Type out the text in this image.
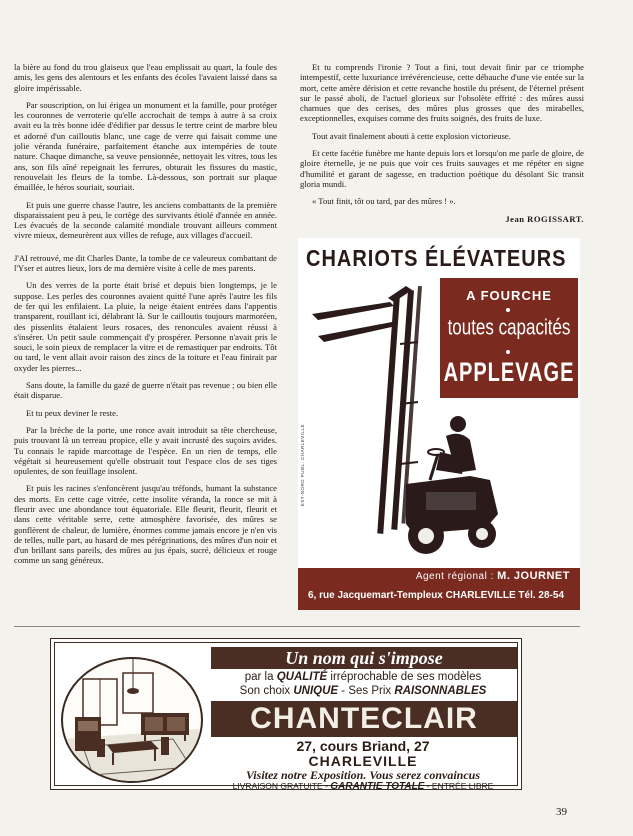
la bière au fond du trou glaiseux que l'eau emplissait au quart, la foule des amis, les gens des alentours et les enfants des écoles l'avaient laissé dans sa gloire impérissable.

Par souscription, on lui érigea un monument et la famille, pour protéger les couronnes de verroterie qu'elle accrochait de temps à autre à sa croix avait eu la très bonne idée d'édifier par dessus le tertre ceint de marbre bleu et adorné d'un cailloutis blanc, une cage de verre qui faisait comme une jolie véranda funéraire, parfaitement étanche aux intempéries de toute nature. Chaque dimanche, sa veuve pensionnée, nettoyait les vitres, tous les ans, son fils aîné repeignait les ferrures, obturait les fissures du mastic, renouvelait les fleurs de la tombe. Là-dessous, son portrait sur plaque émaillée, le héros souriait, souriait.

Et puis une guerre chasse l'autre, les anciens combattants de la première disparaissaient peu à peu, le cortège des survivants étiolé d'année en année. Les évacués de la seconde calamité mondiale trouvant ailleurs comment vivre mieux, demeurèrent aux villes de refuge, aux villages d'accueil.

J'AI retrouvé, me dit Charles Dante, la tombe de ce valeureux combattant de l'Yser et autres lieux, lors de ma dernière visite à celle de mes parents.

Un des verres de la porte était brisé et depuis bien longtemps, je le suppose. Les perles des couronnes avaient quitté l'une après l'autre les fils de fer qui les enfilaient. La pluie, la neige étaient entrées dans l'appentis transparent, rouillant ici, délabrant là. Sur le cailloutis toujours marmoréen, des pissenlits étalaient leurs rosaces, des renoncules avaient réussi à s'insérer. Un petit saule commençait d'y prospérer. Personne n'avait pris le souci, le soin pieux de remplacer la vitre et de remastiquer par endroits. Tôt ou tard, le vent allait avoir raison des zincs de la toiture et l'eau finirait par oxyder les pierres...

Sans doute, la famille du gazé de guerre n'était pas revenue ; ou bien elle était disparue.

Et tu peux deviner le reste.

Par la brèche de la porte, une ronce avait introduit sa tête chercheuse, puis trouvant là un terreau propice, elle y avait incrusté des suçoirs avides. Tu connais le rapide marcottage de l'espèce. En un rien de temps, elle végétait si heureusement qu'elle obstruait tout l'espace clos de ses tiges opulentes, de son feuillage insolent.

Et puis les racines s'enfoncèrent jusqu'au tréfonds, humant la substance des morts. En cette cage vitrée, cette insolite véranda, la ronce se mit à fleurir avec une abondance tout équatoriale. Elle fleurit, fleurit, fleurit et dans cette véritable serre, cette atmosphère favorisée, des mûres se gonflèrent de chaleur, de lumière, énormes comme jamais encore je n'en vis de telles, nulle part, au hasard de mes pérégrinations, des mûres d'un noir et d'un brillant sans pareils, des mûres au jus épais, sucré, délicieux et rouge comme un sang généreux.

Et tu comprends l'ironie ? Tout a fini, tout devait finir par ce triomphe intempestif, cette luxuriance irrévérencieuse, cette débauche d'une vie entée sur la mort, cette amère dérision et cette revanche hostile du présent, de l'éternel présent sur le passé aboli, de l'actuel glorieux sur l'obsolète effrité : des mûres aussi charnues que des cerises, des mûres plus grosses que des mirabelles, exceptionnelles, exquises comme des fruits soignés, des fruits de luxe.

Tout avait finalement abouti à cette explosion victorieuse.

Et cette facétie funèbre me hante depuis lors et lorsqu'on me parle de gloire, de gloire éternelle, je ne puis que voir ces fruits sauvages et me répéter en signe d'humilité et garant de sagesse, en traduction poétique du désolant Sic transit gloria mundi.

« Tout finit, tôt ou tard, par des mûres ! ».

Jean ROGISSART.

CHARIOTS ÉLÉVATEURS
A FOURCHE
toutes capacités
APPLEVAGE
EST-NORD PUBL. CHARLEVILLE
Agent régional : M. JOURNET
6, rue Jacquemart-Templeux CHARLEVILLE Tél. 28-54
Un nom qui s'impose
par la QUALITÉ irréprochable de ses modèles
Son choix UNIQUE - Ses Prix RAISONNABLES
CHANTECLAIR
27, cours Briand, 27
CHARLEVILLE
Visitez notre Exposition. Vous serez convaincus
LIVRAISON GRATUITE - GARANTIE TOTALE - ENTRÉE LIBRE
39
